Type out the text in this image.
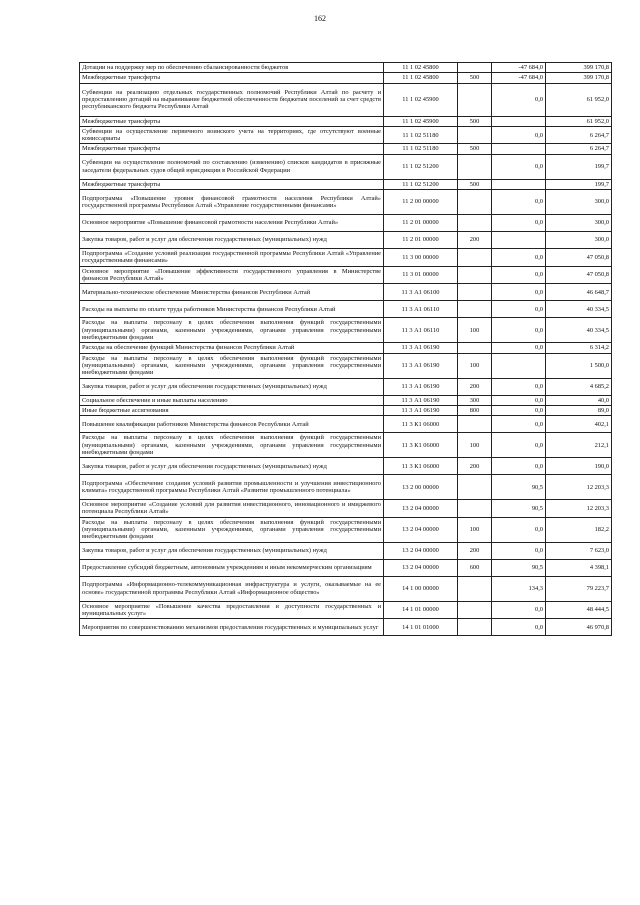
162
Дотации на поддержку мер по обеспечению сбалансированности бюджетов	11 1 02 45800		-47 684,0	399 170,8
Межбюджетные трансферты	11 1 02 45800	500	-47 684,0	399 170,8
Субвенции на реализацию отдельных государственных полномочий Республики Алтай по расчету и предоставлению дотаций на выравнивание бюджетной обеспеченности бюджетам поселений за счет средств республиканского бюджета Республики Алтай	11 1 02 45900		0,0	61 952,0
Межбюджетные трансферты	11 1 02 45900	500		61 952,0
Субвенции на осуществление первичного воинского учета на территориях, где отсутствуют военные комиссариаты	11 1 02 51180		0,0	6 264,7
Межбюджетные трансферты	11 1 02 51180	500		6 264,7
Субвенции на осуществление полномочий по составлению (изменению) списков кандидатов в присяжные заседатели федеральных судов общей юрисдикции в Российской Федерации	11 1 02 51200		0,0	199,7
Межбюджетные трансферты	11 1 02 51200	500		199,7
Подпрограмма «Повышение уровня финансовой грамотности населения Республики Алтай» государственной программы Республики Алтай «Управление государственными финансами»	11 2 00 00000		0,0	300,0
Основное мероприятие «Повышение финансовой грамотности населения Республики Алтай»	11 2 01 00000		0,0	300,0
Закупка товаров, работ и услуг для обеспечения государственных (муниципальных) нужд	11 2 01 00000	200		300,0
Подпрограмма «Создание условий реализации государственной программы Республики Алтай «Управление государственными финансами»	11 3 00 00000		0,0	47 050,8
Основное мероприятие «Повышение эффективности государственного управления в Министерстве финансов Республики Алтай»	11 3 01 00000		0,0	47 050,8
Материально-техническое обеспечение Министерства финансов Республики Алтай	11 3 А1 06100		0,0	46 648,7
Расходы на выплаты по оплате труда работников Министерства финансов Республики Алтай	11 3 А1 06110		0,0	40 334,5
Расходы на выплаты персоналу в целях обеспечения выполнения функций государственными (муниципальными) органами, казенными учреждениями, органами управления государственными внебюджетными фондами	11 3 А1 06110	100	0,0	40 334,5
Расходы на обеспечение функций Министерства финансов Республики Алтай	11 3 А1 06190		0,0	6 314,2
Расходы на выплаты персоналу в целях обеспечения выполнения функций государственными (муниципальными) органами, казенными учреждениями, органами управления государственными внебюджетными фондами	11 3 А1 06190	100		1 500,0
Закупка товаров, работ и услуг для обеспечения государственных (муниципальных) нужд	11 3 А1 06190	200	0,0	4 685,2
Социальное обеспечение и иные выплаты населению	11 3 А1 06190	300	0,0	40,0
Иные бюджетные ассигнования	11 3 А1 06190	800	0,0	89,0
Повышение квалификации работников Министерства финансов Республики Алтай	11 3 К1 06000		0,0	402,1
Расходы на выплаты персоналу в целях обеспечения выполнения функций государственными (муниципальными) органами, казенными учреждениями, органами управления государственными внебюджетными фондами	11 3 К1 06000	100	0,0	212,1
Закупка товаров, работ и услуг для обеспечения государственных (муниципальных) нужд	11 3 К1 06000	200	0,0	190,0
Подпрограмма «Обеспечение создания условий развития промышленности и улучшения инвестиционного климата» государственной программы Республики Алтай «Развитие промышленного потенциала»	13 2 00 00000		90,5	12 203,3
Основное мероприятие «Создание условий для развития инвестиционного, инновационного и имиджевого потенциала Республики Алтай»	13 2 04 00000		90,5	12 203,3
Расходы на выплаты персоналу в целях обеспечения выполнения функций государственными (муниципальными) органами, казенными учреждениями, органами управления государственными внебюджетными фондами	13 2 04 00000	100	0,0	182,2
Закупка товаров, работ и услуг для обеспечения государственных (муниципальных) нужд	13 2 04 00000	200	0,0	7 623,0
Предоставление субсидий бюджетным, автономным учреждениям и иным некоммерческим организациям	13 2 04 00000	600	90,5	4 398,1
Подпрограмма «Информационно-телекоммуникационная инфраструктура и услуги, оказываемые на ее основе» государственной программы Республики Алтай «Информационное общество»	14 1 00 00000		134,3	79 223,7
Основное мероприятие «Повышение качества предоставления и доступности государственных и муниципальных услуг»	14 1 01 00000		0,0	48 444,5
Мероприятия по совершенствованию механизмов предоставления государственных и муниципальных услуг	14 1 01 01000		0,0	46 970,8
